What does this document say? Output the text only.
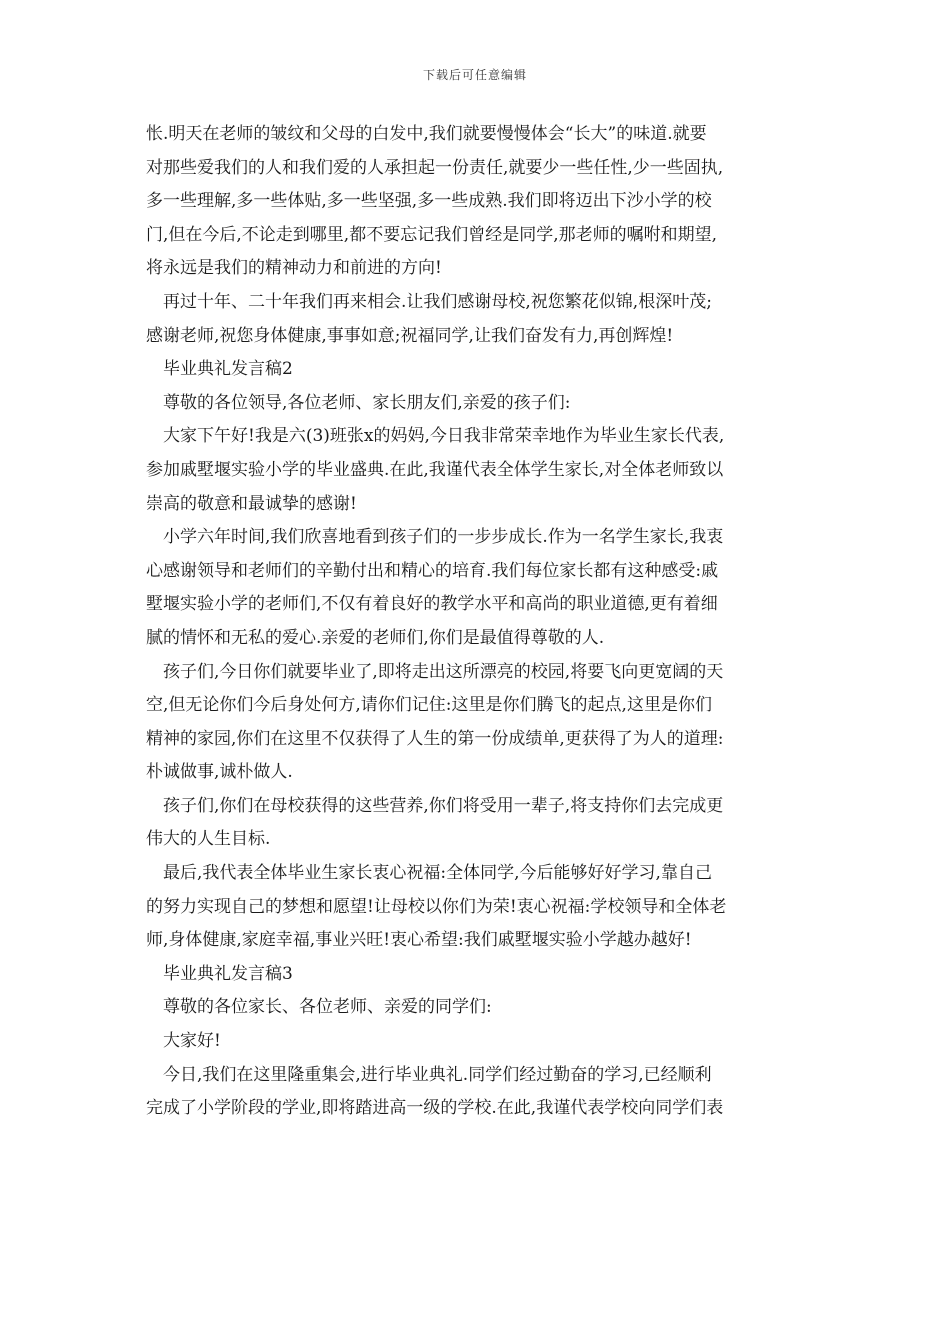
下载后可任意编辑
怅.明天在老师的皱纹和父母的白发中,我们就要慢慢体会“长大”的味道.就要
对那些爱我们的人和我们爱的人承担起一份责任,就要少一些任性,少一些固执,
多一些理解,多一些体贴,多一些坚强,多一些成熟.我们即将迈出下沙小学的校
门,但在今后,不论走到哪里,都不要忘记我们曾经是同学,那老师的嘱咐和期望,
将永远是我们的精神动力和前进的方向!
再过十年、二十年我们再来相会.让我们感谢母校,祝您繁花似锦,根深叶茂;
感谢老师,祝您身体健康,事事如意;祝福同学,让我们奋发有力,再创辉煌!
毕业典礼发言稿2
尊敬的各位领导,各位老师、家长朋友们,亲爱的孩子们:
大家下午好!我是六(3)班张x的妈妈,今日我非常荣幸地作为毕业生家长代表,
参加戚墅堰实验小学的毕业盛典.在此,我谨代表全体学生家长,对全体老师致以
崇高的敬意和最诚挚的感谢!
小学六年时间,我们欣喜地看到孩子们的一步步成长.作为一名学生家长,我衷
心感谢领导和老师们的辛勤付出和精心的培育.我们每位家长都有这种感受:戚
墅堰实验小学的老师们,不仅有着良好的教学水平和高尚的职业道德,更有着细
腻的情怀和无私的爱心.亲爱的老师们,你们是最值得尊敬的人.
孩子们,今日你们就要毕业了,即将走出这所漂亮的校园,将要飞向更宽阔的天
空,但无论你们今后身处何方,请你们记住:这里是你们腾飞的起点,这里是你们
精神的家园,你们在这里不仅获得了人生的第一份成绩单,更获得了为人的道理:
朴诚做事,诚朴做人.
孩子们,你们在母校获得的这些营养,你们将受用一辈子,将支持你们去完成更
伟大的人生目标.
最后,我代表全体毕业生家长衷心祝福:全体同学,今后能够好好学习,靠自己
的努力实现自己的梦想和愿望!让母校以你们为荣!衷心祝福:学校领导和全体老
师,身体健康,家庭幸福,事业兴旺!衷心希望:我们戚墅堰实验小学越办越好!
毕业典礼发言稿3
尊敬的各位家长、各位老师、亲爱的同学们:
大家好!
今日,我们在这里隆重集会,进行毕业典礼.同学们经过勤奋的学习,已经顺利
完成了小学阶段的学业,即将踏进高一级的学校.在此,我谨代表学校向同学们表
